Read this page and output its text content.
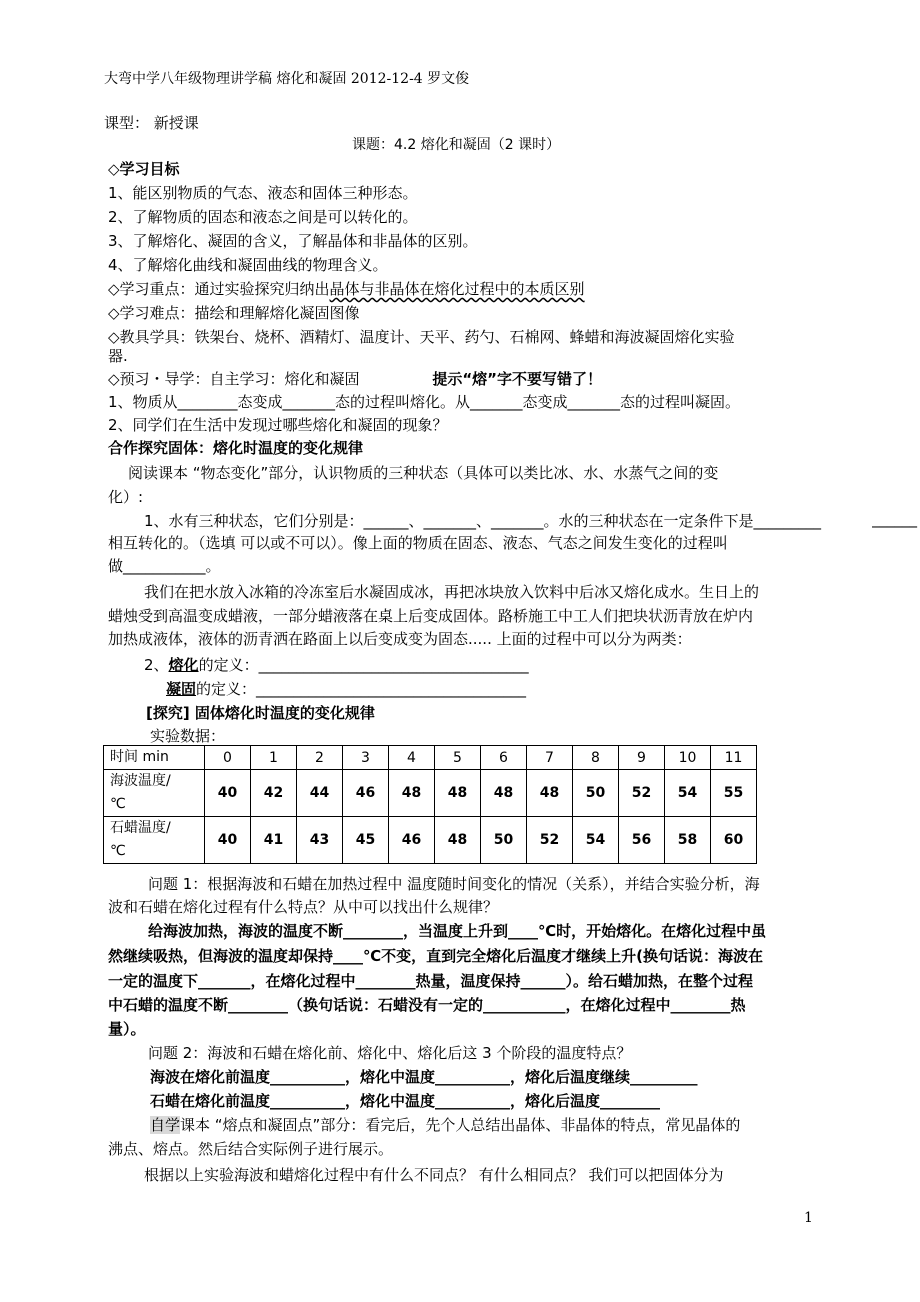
大弯中学八年级物理讲学稿 熔化和凝固 2012-12-4 罗文俊
课型： 新授课
课题：4.2 熔化和凝固（2 课时）
◇学习目标
1、能区别物质的气态、液态和固体三种形态。
2、了解物质的固态和液态之间是可以转化的。
3、了解熔化、凝固的含义，了解晶体和非晶体的区别。
4、了解熔化曲线和凝固曲线的物理含义。
◇学习重点：通过实验探究归纳出晶体与非晶体在熔化过程中的本质区别
◇学习难点：描绘和理解熔化凝固图像
◇教具学具：铁架台、烧杯、酒精灯、温度计、天平、药勺、石棉网、蜂蜡和海波凝固熔化实验
器.
◇预习・导学：自主学习：熔化和凝固	提示“熔”字不要写错了！
1、物质从________态变成_______态的过程叫熔化。从_______态变成_______态的过程叫凝固。
2、同学们在生活中发现过哪些熔化和凝固的现象？
合作探究固体：熔化时温度的变化规律
阅读课本 “物态变化”部分，认识物质的三种状态（具体可以类比冰、水、水蒸气之间的变
化）:
1、水有三种状态，它们分别是：______、_______、_______。水的三种状态在一定条件下是_________	______
相互转化的。（选填 可以或不可以）。像上面的物质在固态、液态、气态之间发生变化的过程叫
做___________。
我们在把水放入冰箱的冷冻室后水凝固成冰，再把冰块放入饮料中后冰又熔化成水。生日上的
蜡烛受到高温变成蜡液，一部分蜡液落在桌上后变成固体。路桥施工中工人们把块状沥青放在炉内
加热成液体，液体的沥青洒在路面上以后变成变为固态..... 上面的过程中可以分为两类：
2、熔化的定义：____________________________________
凝固的定义：____________________________________
[探究] 固体熔化时温度的变化规律
实验数据：
时间 min	0	1	2	3	4	5	6	7	8	9	10	11

海波温度/
℃	40	42	44	46	48	48	48	48	50	52	54	55

石蜡温度/
℃	40	41	43	45	46	48	50	52	54	56	58	60
问题 1：根据海波和石蜡在加热过程中 温度随时间变化的情况（关系），并结合实验分析，海
波和石蜡在熔化过程有什么特点？从中可以找出什么规律？
给海波加热，海波的温度不断________，当温度上升到____℃时，开始熔化。在熔化过程中虽
然继续吸热，但海波的温度却保持____℃不变，直到完全熔化后温度才继续上升(换句话说：海波在
一定的温度下_______，在熔化过程中________热量，温度保持______）。给石蜡加热，在整个过程
中石蜡的温度不断________（换句话说：石蜡没有一定的___________，在熔化过程中________热
量）。
问题 2：海波和石蜡在熔化前、熔化中、熔化后这 3 个阶段的温度特点？
海波在熔化前温度__________，熔化中温度__________，熔化后温度继续_________
石蜡在熔化前温度__________，熔化中温度__________，熔化后温度________
自学课本 “熔点和凝固点”部分：看完后，先个人总结出晶体、非晶体的特点，常见晶体的
沸点、熔点。然后结合实际例子进行展示。
根据以上实验海波和蜡熔化过程中有什么不同点？ 有什么相同点？ 我们可以把固体分为
1
